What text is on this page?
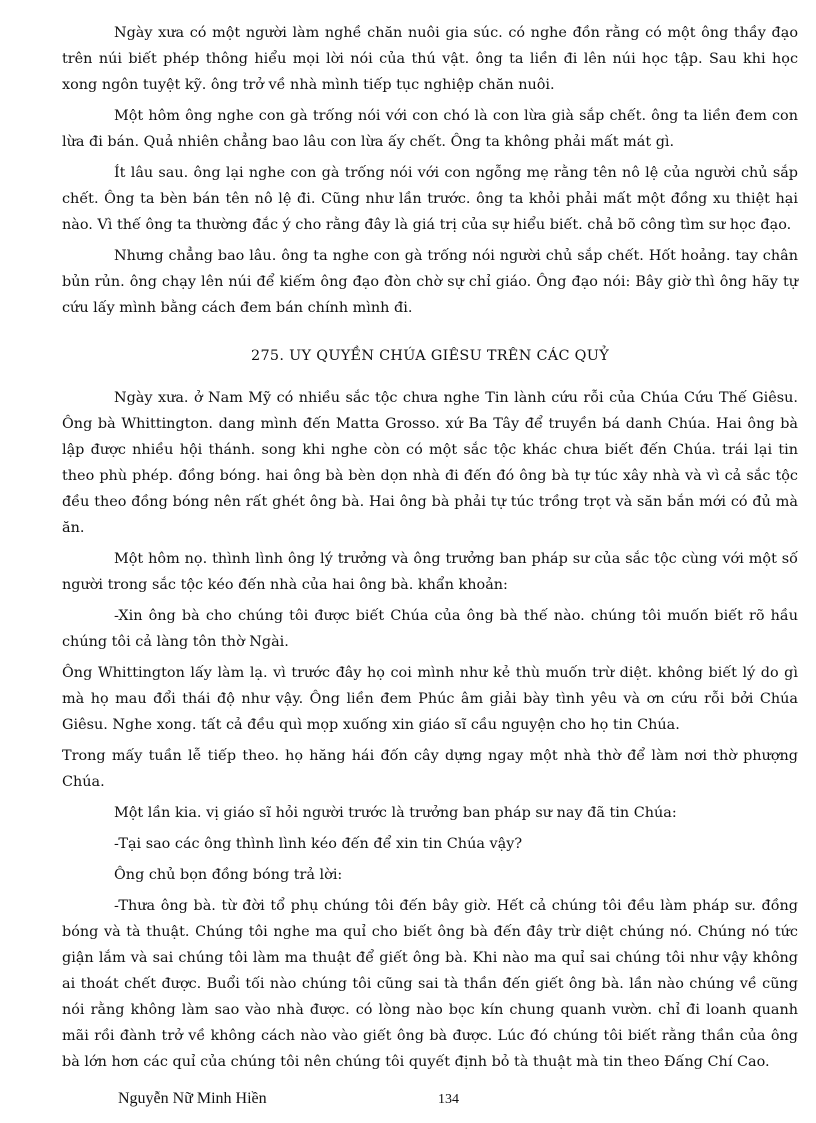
Ngày xưa có một người làm nghề chăn nuôi gia súc. có nghe đồn rằng có một ông thầy đạo trên núi biết phép thông hiểu mọi lời nói của thú vật. ông ta liền đi lên núi học tập. Sau khi học xong ngôn tuyệt kỹ. ông trở về nhà mình tiếp tục nghiệp chăn nuôi.

Một hôm ông nghe con gà trống nói với con chó là con lừa già sắp chết. ông ta liền đem con lừa đi bán. Quả nhiên chẳng bao lâu con lừa ấy chết. Ông ta không phải mất mát gì.

Ít lâu sau. ông lại nghe con gà trống nói với con ngỗng mẹ rằng tên nô lệ của người chủ sắp chết. Ông ta bèn bán tên nô lệ đi. Cũng như lần trước. ông ta khỏi phải mất một đồng xu thiệt hại nào. Vì thế ông ta thường đắc ý cho rằng đây là giá trị của sự hiểu biết. chả bõ công tìm sư học đạo.

Nhưng chẳng bao lâu. ông ta nghe con gà trống nói người chủ sắp chết. Hốt hoảng. tay chân bủn rủn. ông chạy lên núi để kiếm ông đạo đòn chờ sự chỉ giáo. Ông đạo nói: Bây giờ thì ông hãy tự cứu lấy mình bằng cách đem bán chính mình đi.

275. UY QUYỀN CHÚA GIÊSU TRÊN CÁC QUỶ

Ngày xưa. ở Nam Mỹ có nhiều sắc tộc chưa nghe Tin lành cứu rỗi của Chúa Cứu Thế Giêsu. Ông bà Whittington. dang mình đến Matta Grosso. xứ Ba Tây để truyền bá danh Chúa. Hai ông bà lập được nhiều hội thánh. song khi nghe còn có một sắc tộc khác chưa biết đến Chúa. trái lại tin theo phù phép. đồng bóng. hai ông bà bèn dọn nhà đi đến đó ông bà tự túc xây nhà và vì cả sắc tộc đều theo đồng bóng nên rất ghét ông bà. Hai ông bà phải tự túc trồng trọt và săn bắn mới có đủ mà ăn.

Một hôm nọ. thình lình ông lý trưởng và ông trưởng ban pháp sư của sắc tộc cùng với một số người trong sắc tộc kéo đến nhà của hai ông bà. khẩn khoản:

-Xin ông bà cho chúng tôi được biết Chúa của ông bà thế nào. chúng tôi muốn biết rõ hầu chúng tôi cả làng tôn thờ Ngài.

Ông Whittington lấy làm lạ. vì trước đây họ coi mình như kẻ thù muốn trừ diệt. không biết lý do gì mà họ mau đổi thái độ như vậy. Ông liền đem Phúc âm giải bày tình yêu và ơn cứu rỗi bởi Chúa Giêsu. Nghe xong. tất cả đều quì mọp xuống xin giáo sĩ cầu nguyện cho họ tin Chúa.

Trong mấy tuần lễ tiếp theo. họ hăng hái đốn cây dựng ngay một nhà thờ để làm nơi thờ phượng Chúa.

Một lần kia. vị giáo sĩ hỏi người trước là trưởng ban pháp sư nay đã tin Chúa:

-Tại sao các ông thình lình kéo đến để xin tin Chúa vậy?

Ông chủ bọn đồng bóng trả lời:

-Thưa ông bà. từ đời tổ phụ chúng tôi đến bây giờ. Hết cả chúng tôi đều làm pháp sư. đồng bóng và tà thuật. Chúng tôi nghe ma quỉ cho biết ông bà đến đây trừ diệt chúng nó. Chúng nó tức giận lắm và sai chúng tôi làm ma thuật để giết ông bà. Khi nào ma quỉ sai chúng tôi như vậy không ai thoát chết được. Buổi tối nào chúng tôi cũng sai tà thần đến giết ông bà. lần nào chúng về cũng nói rằng không làm sao vào nhà được. có lòng nào bọc kín chung quanh vườn. chỉ đi loanh quanh mãi rồi đành trở về không cách nào vào giết ông bà được. Lúc đó chúng tôi biết rằng thần của ông bà lớn hơn các quỉ của chúng tôi nên chúng tôi quyết định bỏ tà thuật mà tin theo Đấng Chí Cao.

Nguyễn Nữ Minh Hiền	134
